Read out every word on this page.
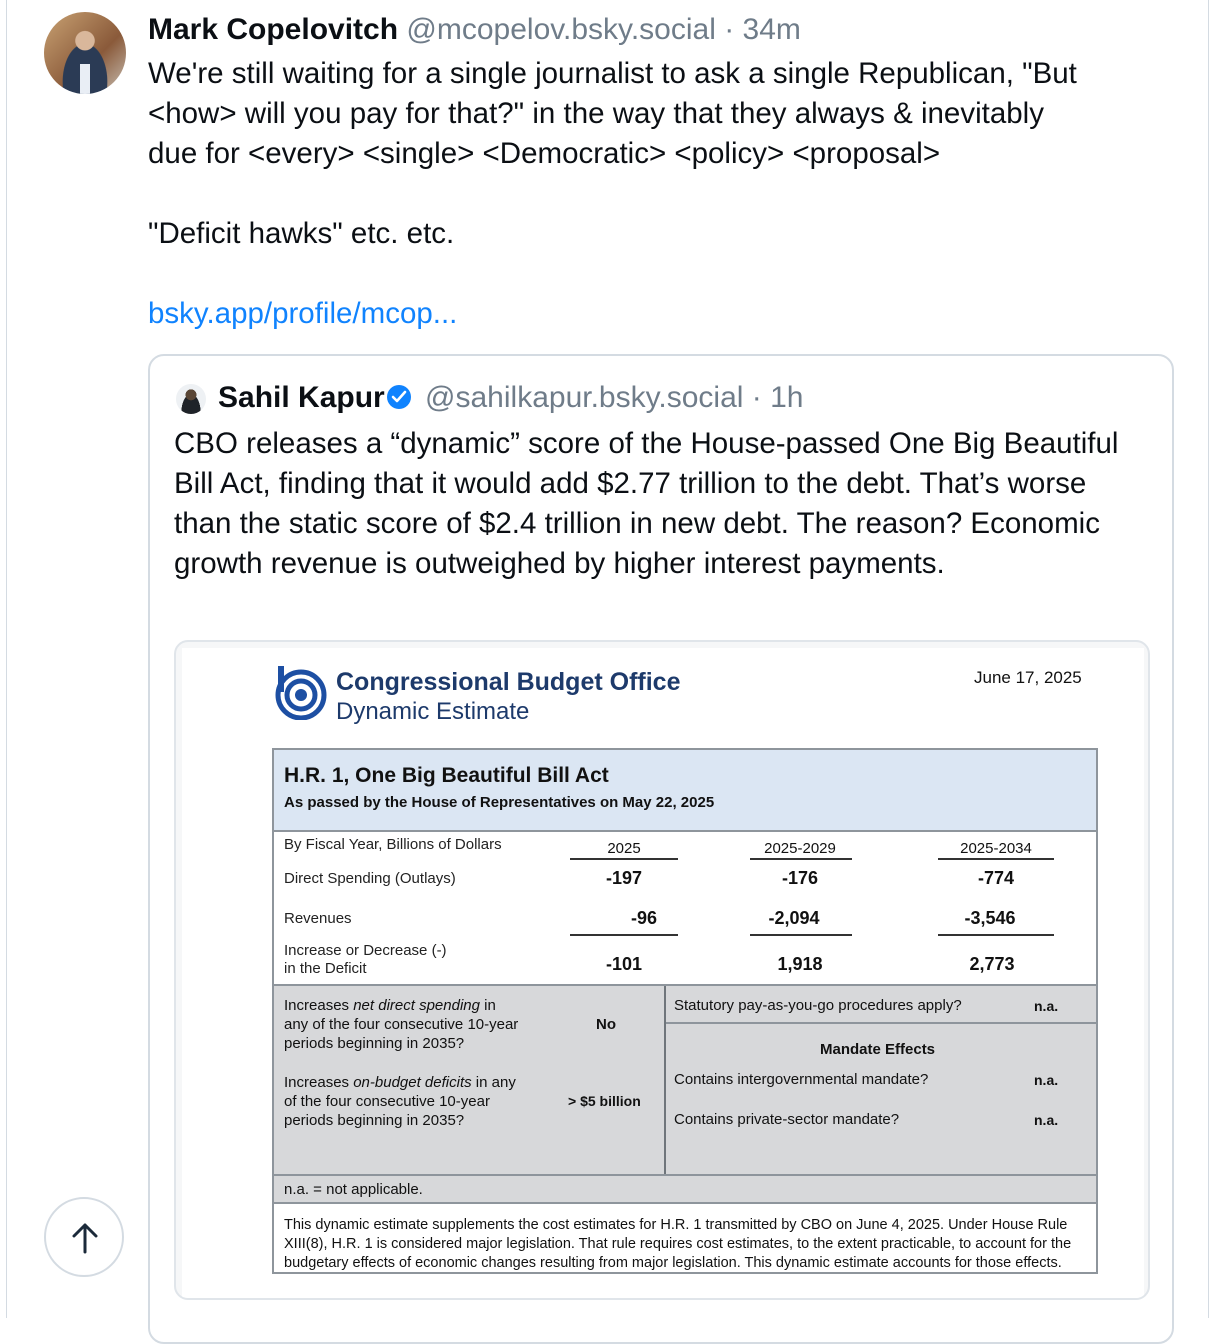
Mark Copelovitch @mcopelov.bsky.social · 34m

We're still waiting for a single journalist to ask a single Republican, "But

<how> will you pay for that?" in the way that they always & inevitably

due for <every> <single> <Democratic> <policy> <proposal>

"Deficit hawks" etc. etc.

bsky.app/profile/mcop...

Sahil Kapur @sahilkapur.bsky.social · 1h
CBO releases a “dynamic” score of the House-passed One Big Beautiful Bill Act, finding that it would add $2.77 trillion to the debt. That’s worse than the static score of $2.4 trillion in new debt. The reason? Economic growth revenue is outweighed by higher interest payments.
Congressional Budget Office
Dynamic Estimate
June 17, 2025
H.R. 1, One Big Beautiful Bill Act
As passed by the House of Representatives on May 22, 2025
By Fiscal Year, Billions of Dollars	2025	2025-2029	2025-2034
Direct Spending (Outlays)	-197	-176	-774
Revenues	-96	-2,094	-3,546
Increase or Decrease (-)
in the Deficit	-101	1,918	2,773
Increases net direct spending in
any of the four consecutive 10-year
periods beginning in 2035?
No
Increases on-budget deficits in any
of the four consecutive 10-year
periods beginning in 2035?
> $5 billion
Statutory pay-as-you-go procedures apply?	n.a.
Mandate Effects
Contains intergovernmental mandate?	n.a.
Contains private-sector mandate?	n.a.
n.a. = not applicable.
This dynamic estimate supplements the cost estimates for H.R. 1 transmitted by CBO on June 4, 2025. Under House Rule XIII(8), H.R. 1 is considered major legislation. That rule requires cost estimates, to the extent practicable, to account for the budgetary effects of economic changes resulting from major legislation. This dynamic estimate accounts for those effects.
